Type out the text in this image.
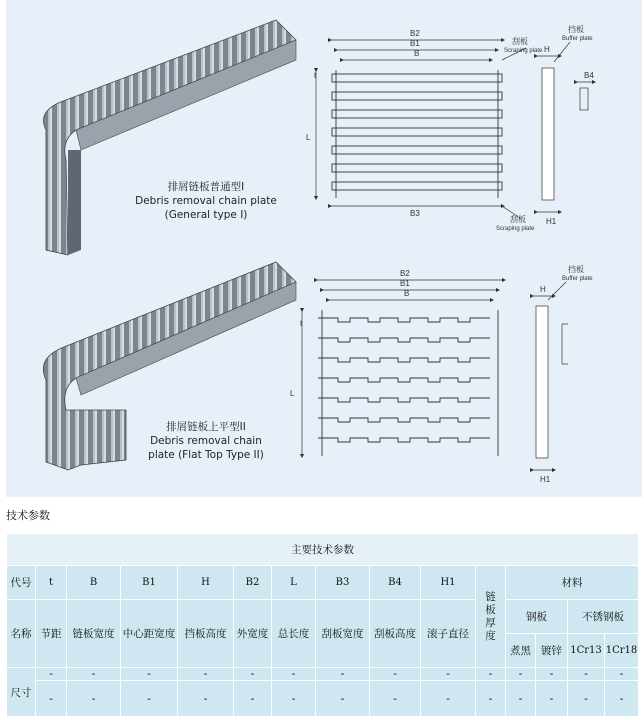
B2
B1
B
B3
L
t
H
H1
B4
刮板
Scraping plate
挡板
Buffer plate
刮板
Scraping plate
B2
B1
B
L
t
H
H1
挡板
Buffer plate
排屑链板普通型I
Debris removal chain plate
(General type I)
排屑链板上平型II
Debris removal chain
plate (Flat Top Type II)
技术参数
主要技术参数														
代号	t	B	B1	H	B2	L	B3	B4	H1	链板厚度	材料			
名称	节距	链板宽度	中心距宽度	挡板高度	外宽度	总长度	刮板宽度	刮板高度	滚子直径		钢板		不锈钢板	
											煮黑	镀锌	1Cr13	1Cr18
尺寸	-	-	-	-	-	-	-	-	-	-	-	-	-	-
	-	-	-	-	-	-	-	-	-	-	-	-	-	-
